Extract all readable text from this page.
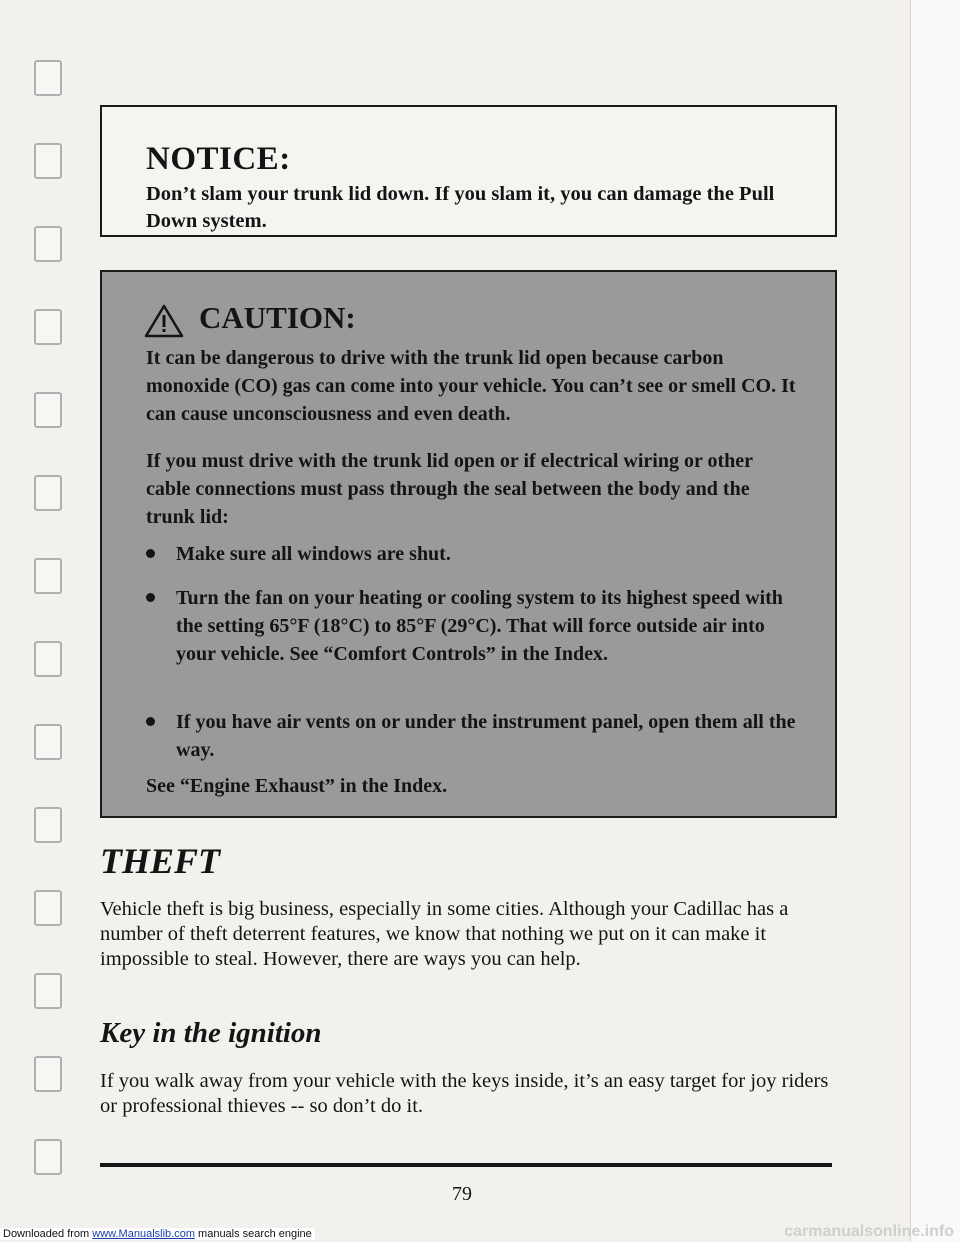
NOTICE:
Don’t slam your trunk lid down. If you slam it, you can damage the Pull Down system.
CAUTION:

It can be dangerous to drive with the trunk lid open because carbon monoxide (CO) gas can come into your vehicle. You can’t see or smell CO. It can cause unconsciousness and even death.

If you must drive with the trunk lid open or if electrical wiring or other cable connections must pass through the seal between the body and the trunk lid:

Make sure all windows are shut.
Turn the fan on your heating or cooling system to its highest speed with the setting 65°F (18°C) to 85°F (29°C). That will force outside air into your vehicle. See “Comfort Controls” in the Index.
If you have air vents on or under the instrument panel, open them all the way.

See “Engine Exhaust” in the Index.

THEFT

Vehicle theft is big business, especially in some cities. Although your Cadillac has a number of theft deterrent features, we know that nothing we put on it can make it impossible to steal. However, there are ways you can help.

Key in the ignition

If you walk away from your vehicle with the keys inside, it’s an easy target for joy riders or professional thieves -- so don’t do it.

79
Downloaded from www.Manualslib.com manuals search engine	carmanualsonline.info
